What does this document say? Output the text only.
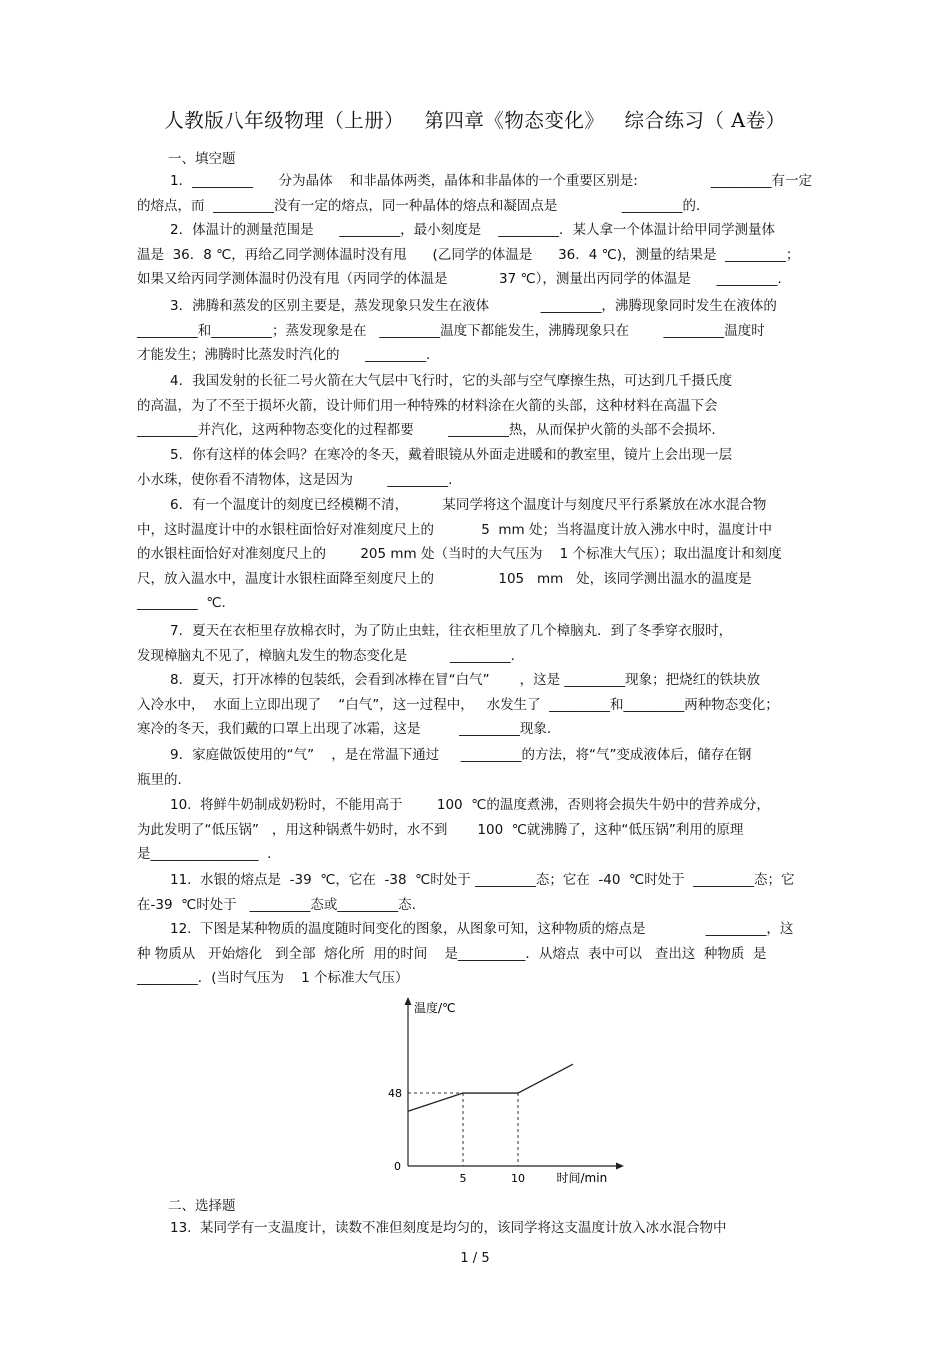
人教版八年级物理（上册）   第四章《物态变化》   综合练习（ A卷）
一、填空题

1．_________      分为晶体    和非晶体两类，晶体和非晶体的一个重要区别是:                 _________有一定

的熔点，而  _________没有一定的熔点，同一种晶体的熔点和凝固点是               _________的.

2．体温计的测量范围是      _________，最小刻度是    _________．某人拿一个体温计给甲同学测量体

温是  36．8 ℃，再给乙同学测体温时没有甩      (乙同学的体温是      36．4 ℃)，测量的结果是  _________；

如果又给丙同学测体温时仍没有甩（丙同学的体温是            37 ℃），测量出丙同学的体温是      _________.

3．沸腾和蒸发的区别主要是，蒸发现象只发生在液体            _________，沸腾现象同时发生在液体的

_________和_________；蒸发现象是在   _________温度下都能发生，沸腾现象只在        _________温度时

才能发生；沸腾时比蒸发时汽化的      _________.

4．我国发射的长征二号火箭在大气层中飞行时，它的头部与空气摩擦生热，可达到几千摄氏度

的高温，为了不至于损坏火箭，设计师们用一种特殊的材料涂在火箭的头部，这种材料在高温下会

_________并汽化，这两种物态变化的过程都要        _________热，从而保护火箭的头部不会损坏.

5．你有这样的体会吗？在寒冷的冬天，戴着眼镜从外面走进暖和的教室里，镜片上会出现一层

小水珠，使你看不清物体，这是因为        _________.

6．有一个温度计的刻度已经模糊不清，        某同学将这个温度计与刻度尺平行系紧放在冰水混合物

中，这时温度计中的水银柱面恰好对准刻度尺上的           5  mm 处；当将温度计放入沸水中时，温度计中

的水银柱面恰好对准刻度尺上的        205 mm 处（当时的大气压为    1 个标准大气压）；取出温度计和刻度

尺，放入温水中，温度计水银柱面降至刻度尺上的               105   mm   处，该同学测出温水的温度是

_________  ℃.

7．夏天在衣柜里存放棉衣时，为了防止虫蛀，往衣柜里放了几个樟脑丸．到了冬季穿衣服时，

发现樟脑丸不见了，樟脑丸发生的物态变化是          _________.

8．夏天，打开冰棒的包装纸，会看到冰棒在冒“白气”       ，这是 _________现象；把烧红的铁块放

入冷水中，  水面上立即出现了    “白气”，这一过程中，   水发生了  _________和_________两种物态变化；

寒冷的冬天，我们戴的口罩上出现了冰霜，这是         _________现象.

9．家庭做饭使用的“气”    ，是在常温下通过     _________的方法，将“气”变成液体后，储存在钢

瓶里的.

10.  将鲜牛奶制成奶粉时，不能用高于        100  ℃的温度煮沸，否则将会损失牛奶中的营养成分，

为此发明了“低压锅”   ，用这种锅煮牛奶时，水不到       100  ℃就沸腾了，这种“低压锅”利用的原理

是________________  .

11.  水银的熔点是  -39  ℃，它在  -38  ℃时处于 _________态；它在  -40  ℃时处于  _________态；它

在-39  ℃时处于   _________态或_________态.

12.  下图是某种物质的温度随时间变化的图象，从图象可知，这种物质的熔点是              _________，这

种 物质从   开始熔化   到全部  熔化所  用的时间    是__________．从熔点  表中可以   查出这  种物质  是

_________．(当时气压为    1 个标准大气压）

0
5	10
48
温度/℃
时间/min
二、选择题

13.  某同学有一支温度计，读数不准但刻度是均匀的，该同学将这支温度计放入冰水混合物中

1 / 5
